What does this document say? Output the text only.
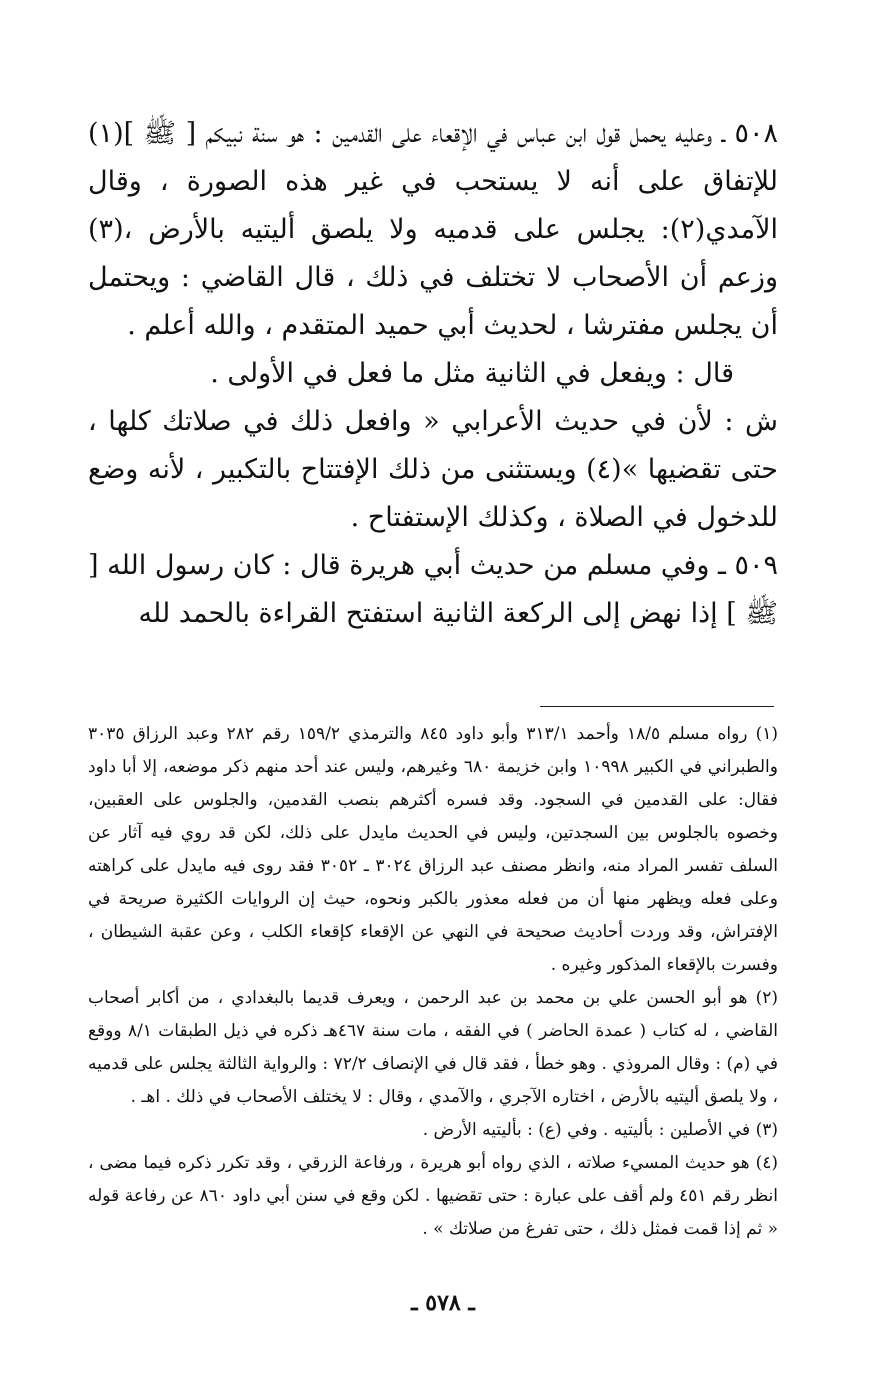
٥٠٨ ـ وعليه يحمل قول ابن عباس في الإقعاء على القدمين : هو سنة نبيكم [ ﷺ ](١) للإتفاق على أنه لا يستحب في غير هذه الصورة ، وقال الآمدي(٢): يجلس على قدميه ولا يلصق أليتيه بالأرض ،(٣) وزعم أن الأصحاب لا تختلف في ذلك ، قال القاضي : ويحتمل أن يجلس مفترشا ، لحديث أبي حميد المتقدم ، والله أعلم .

قال : ويفعل في الثانية مثل ما فعل في الأولى .

ش : لأن في حديث الأعرابي « وافعل ذلك في صلاتك كلها ، حتى تقضيها »(٤) ويستثنى من ذلك الإفتتاح بالتكبير ، لأنه وضع للدخول في الصلاة ، وكذلك الإستفتاح .

٥٠٩ ـ وفي مسلم من حديث أبي هريرة قال : كان رسول الله [ ﷺ ] إذا نهض إلى الركعة الثانية استفتح القراءة بالحمد لله

(١) رواه مسلم ١٨/٥ وأحمد ٣١٣/١ وأبو داود ٨٤٥ والترمذي ١٥٩/٢ رقم ٢٨٢ وعبد الرزاق ٣٠٣٥ والطبراني في الكبير ١٠٩٩٨ وابن خزيمة ٦٨٠ وغيرهم، وليس عند أحد منهم ذكر موضعه، إلا أبا داود فقال: على القدمين في السجود. وقد فسره أكثرهم بنصب القدمين، والجلوس على العقبين، وخصوه بالجلوس بين السجدتين، وليس في الحديث مايدل على ذلك، لكن قد روي فيه آثار عن السلف تفسر المراد منه، وانظر مصنف عبد الرزاق ٣٠٢٤ ـ ٣٠٥٢ فقد روى فيه مايدل على كراهته وعلى فعله ويظهر منها أن من فعله معذور بالكبر ونحوه، حيث إن الروايات الكثيرة صريحة في الإفتراش، وقد وردت أحاديث صحيحة في النهي عن الإقعاء كإقعاء الكلب ، وعن عقبة الشيطان ، وفسرت بالإقعاء المذكور وغيره .

(٢) هو أبو الحسن علي بن محمد بن عبد الرحمن ، ويعرف قديما بالبغدادي ، من أكابر أصحاب القاضي ، له كتاب ( عمدة الحاضر ) في الفقه ، مات سنة ٤٦٧هـ ذكره في ذيل الطبقات ٨/١ ووقع في (م) : وقال المروذي . وهو خطأ ، فقد قال في الإنصاف ٧٢/٢ : والرواية الثالثة يجلس على قدميه ، ولا يلصق أليتيه بالأرض ، اختاره الآجري ، والآمدي ، وقال : لا يختلف الأصحاب في ذلك . اهـ .

(٣) في الأصلين : بأليتيه . وفي (ع) : بأليتيه الأرض .

(٤) هو حديث المسيء صلاته ، الذي رواه أبو هريرة ، ورفاعة الزرقي ، وقد تكرر ذكره فيما مضى ، انظر رقم ٤٥١ ولم أقف على عبارة : حتى تقضيها . لكن وقع في سنن أبي داود ٨٦٠ عن رفاعة قوله « ثم إذا قمت فمثل ذلك ، حتى تفرغ من صلاتك » .

ـ ٥٧٨ ـ
